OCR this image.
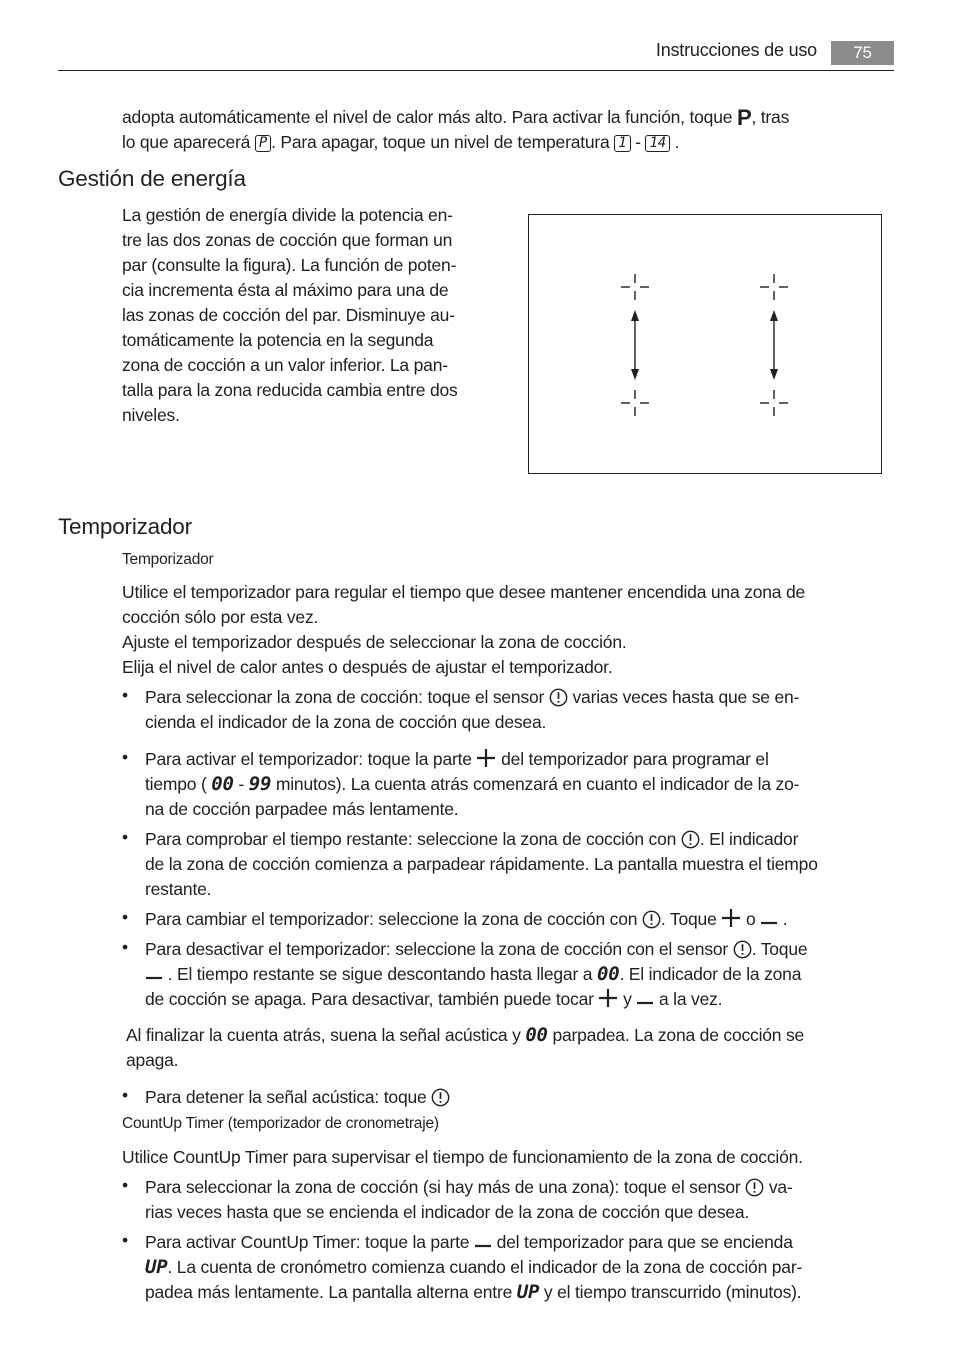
Instrucciones de uso	75
adopta automáticamente el nivel de calor más alto. Para activar la función, toque P, tras
lo que aparecerá P . Para apagar, toque un nivel de temperatura 1 - 14 .
Gestión de energía
La gestión de energía divide la potencia en-
tre las dos zonas de cocción que forman un
par (consulte la figura). La función de poten-
cia incrementa ésta al máximo para una de
las zonas de cocción del par. Disminuye au-
tomáticamente la potencia en la segunda
zona de cocción a un valor inferior. La pan-
talla para la zona reducida cambia entre dos
niveles.
Temporizador
Temporizador
Utilice el temporizador para regular el tiempo que desee mantener encendida una zona de
cocción sólo por esta vez.
Ajuste el temporizador después de seleccionar la zona de cocción.
Elija el nivel de calor antes o después de ajustar el temporizador.
• Para seleccionar la zona de cocción: toque el sensor  varias veces hasta que se en-
cienda el indicador de la zona de cocción que desea.
• Para activar el temporizador: toque la parte  del temporizador para programar el
tiempo ( 00 - 99 minutos). La cuenta atrás comenzará en cuanto el indicador de la zo-
na de cocción parpadee más lentamente.
• Para comprobar el tiempo restante: seleccione la zona de cocción con . El indicador
de la zona de cocción comienza a parpadear rápidamente. La pantalla muestra el tiempo
restante.
• Para cambiar el temporizador: seleccione la zona de cocción con . Toque  o  .
• Para desactivar el temporizador: seleccione la zona de cocción con el sensor . Toque
. El tiempo restante se sigue descontando hasta llegar a 00. El indicador de la zona
de cocción se apaga. Para desactivar, también puede tocar  y  a la vez.
Al finalizar la cuenta atrás, suena la señal acústica y 00 parpadea. La zona de cocción se
apaga.
• Para detener la señal acústica: toque
CountUp Timer (temporizador de cronometraje)
Utilice CountUp Timer para supervisar el tiempo de funcionamiento de la zona de cocción.
• Para seleccionar la zona de cocción (si hay más de una zona): toque el sensor  va-
rias veces hasta que se encienda el indicador de la zona de cocción que desea.
• Para activar CountUp Timer: toque la parte  del temporizador para que se encienda
UP. La cuenta de cronómetro comienza cuando el indicador de la zona de cocción par-
padea más lentamente. La pantalla alterna entre UP y el tiempo transcurrido (minutos).
